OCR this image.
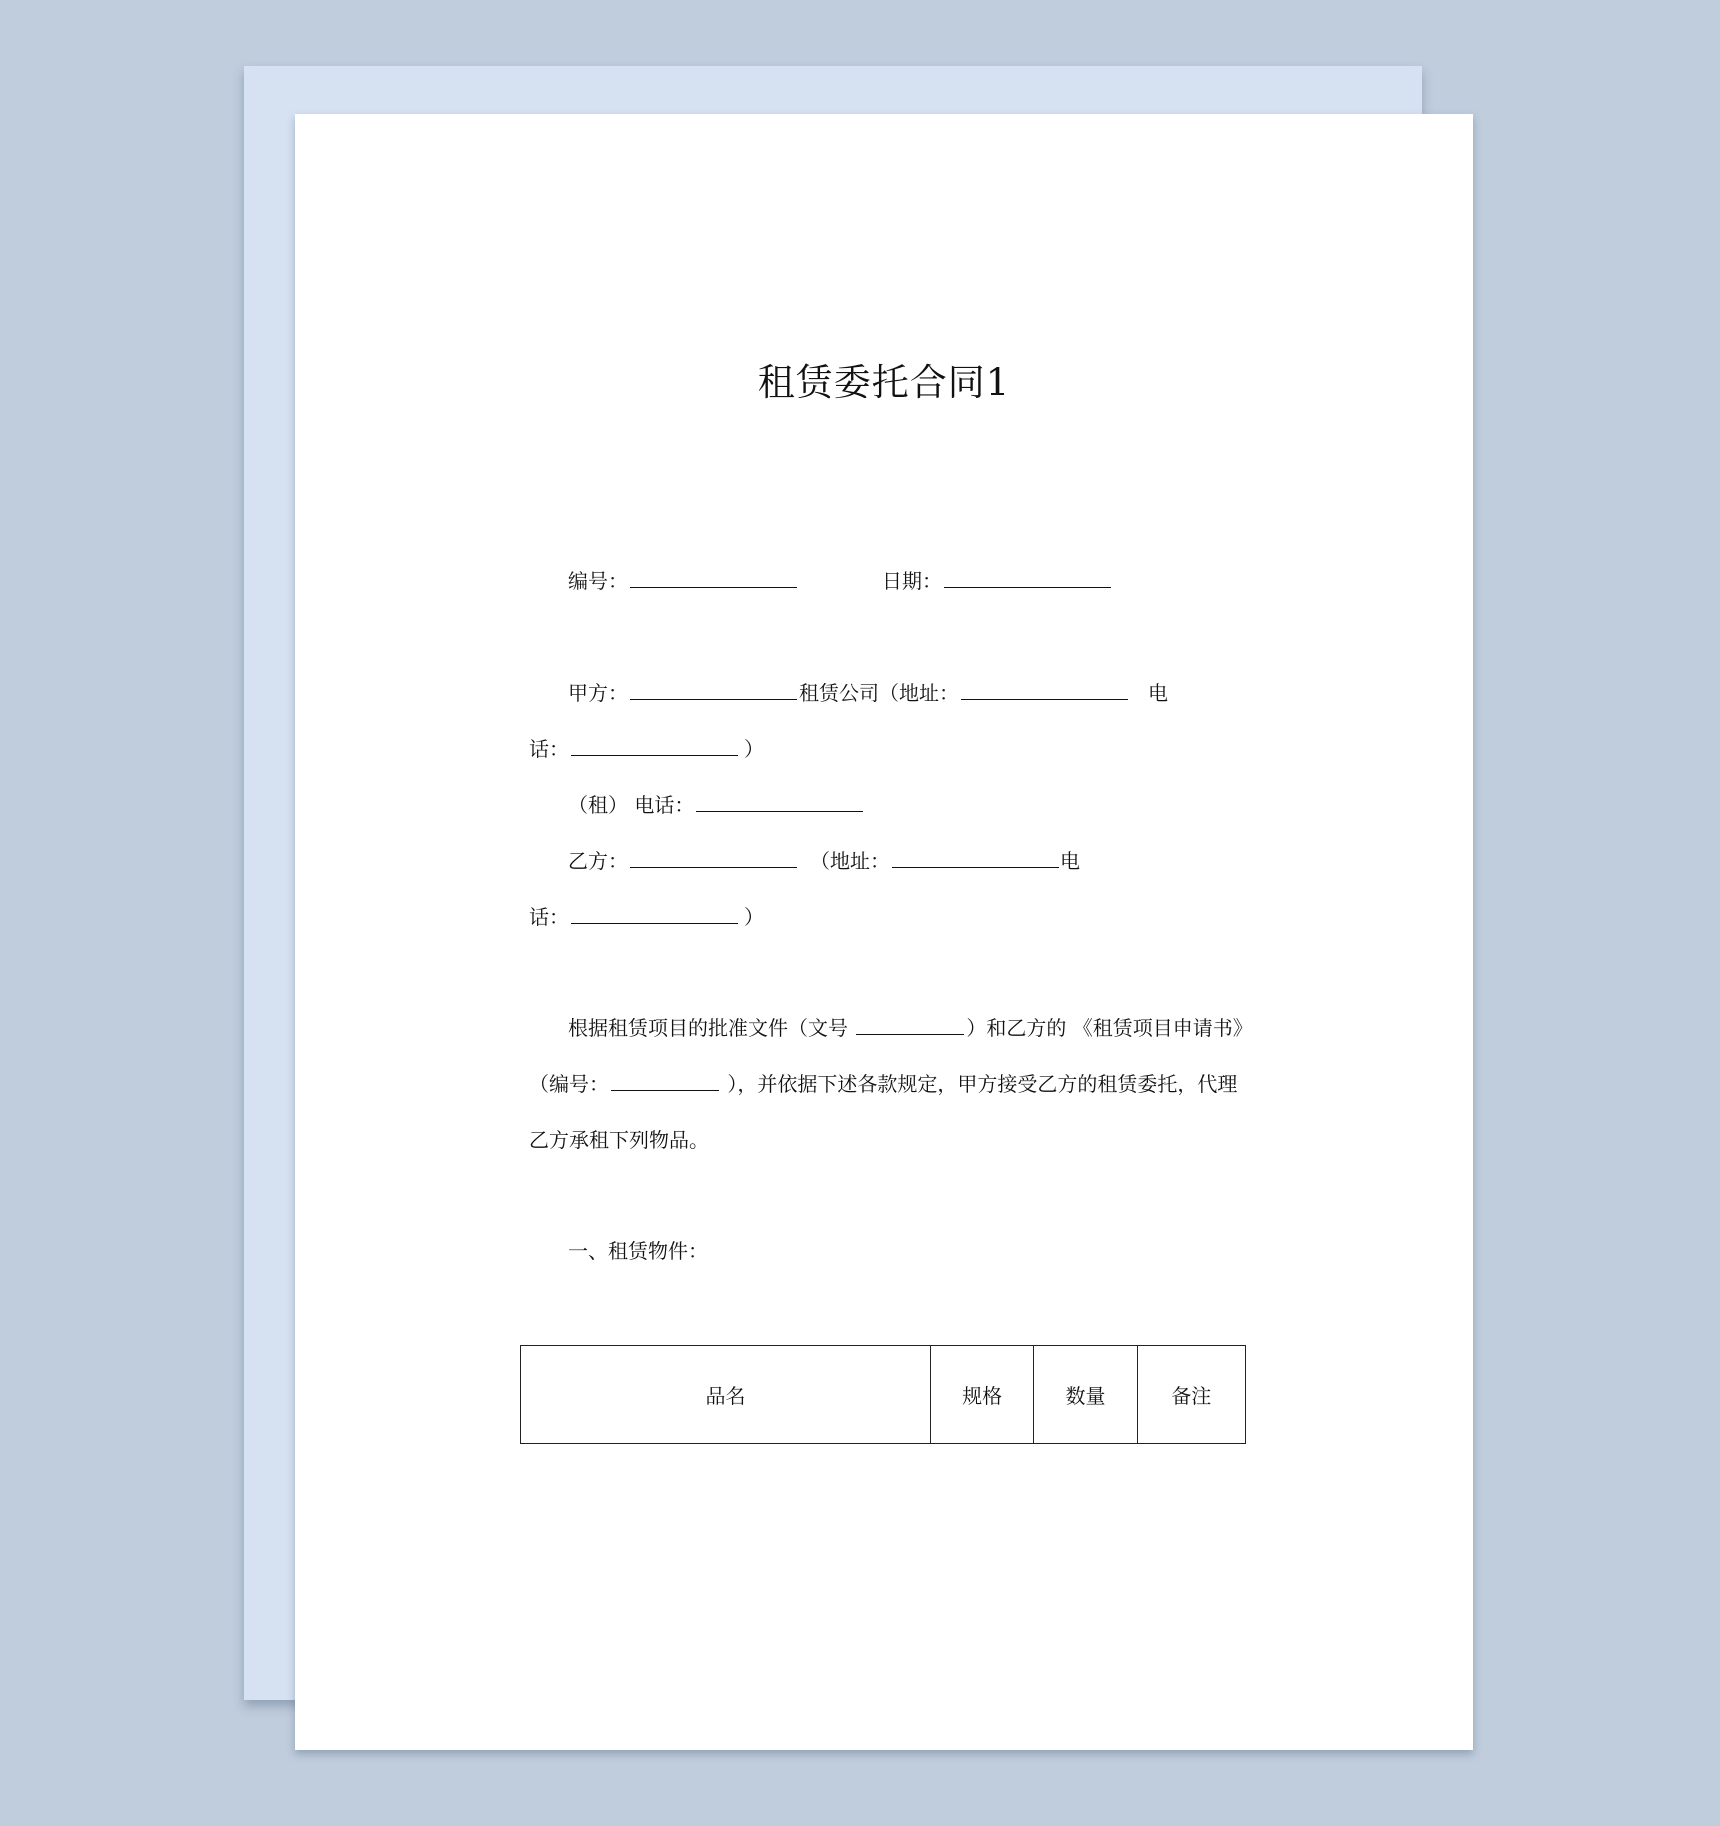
租赁委托合同1
编号：	日期：
甲方：	租赁公司（地址：	电
话：	）
（租） 电话：
乙方：	（地址：	电
话：	）
根据租赁项目的批准文件（文号	）和乙方的 《租赁项目申请书》
（编号：	），并依据下述各款规定，甲方接受乙方的租赁委托，代理
乙方承租下列物品。
一、租赁物件：
品名	规格	数量	备注
